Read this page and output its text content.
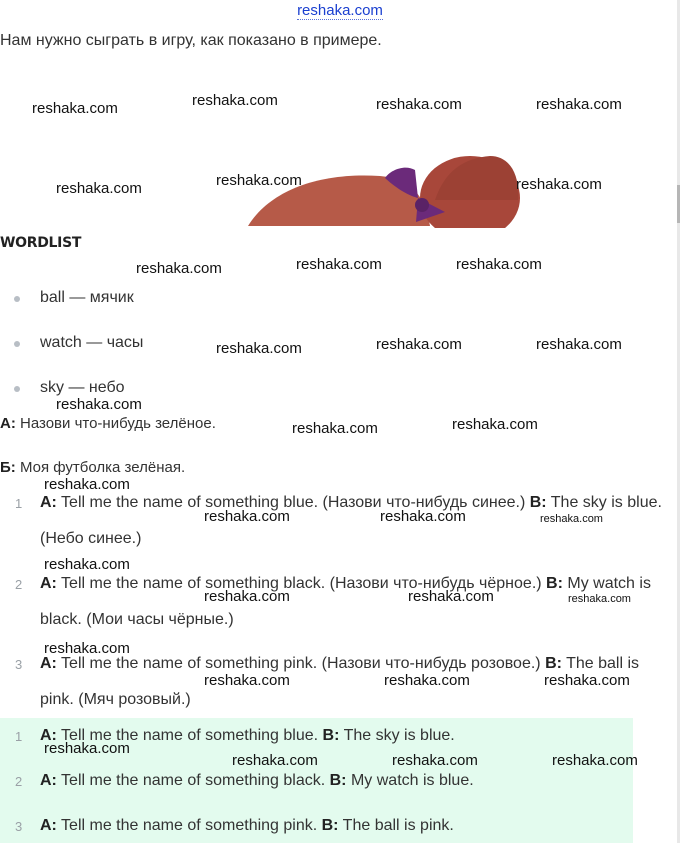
reshaka.com
Нам нужно сыграть в игру, как показано в примере.
WORDLIST
ball — мячик
watch — часы
sky — небо
А: Назови что-нибудь зелёное.
Б: Моя футболка зелёная.
1 A: Tell me the name of something blue. (Назови что-нибудь синее.) B: The sky is blue. (Небо синее.)
2 A: Tell me the name of something black. (Назови что-нибудь чёрное.) B: My watch is black. (Мои часы чёрные.)
3 A: Tell me the name of something pink. (Назови что-нибудь розовое.) B: The ball is pink. (Мяч розовый.)
1 A: Tell me the name of something blue. B: The sky is blue.
2 A: Tell me the name of something black. B: My watch is blue.
3 A: Tell me the name of something pink. B: The ball is pink.
reshaka.com	reshaka.com	reshaka.com	reshaka.com
reshaka.com	reshaka.com	reshaka.com
reshaka.com	reshaka.com	reshaka.com
reshaka.com	reshaka.com	reshaka.com
reshaka.com
reshaka.com	reshaka.com
reshaka.com
reshaka.com	reshaka.com	reshaka.com
reshaka.com
reshaka.com	reshaka.com	reshaka.com
reshaka.com
reshaka.com	reshaka.com	reshaka.com
reshaka.com
reshaka.com	reshaka.com	reshaka.com
